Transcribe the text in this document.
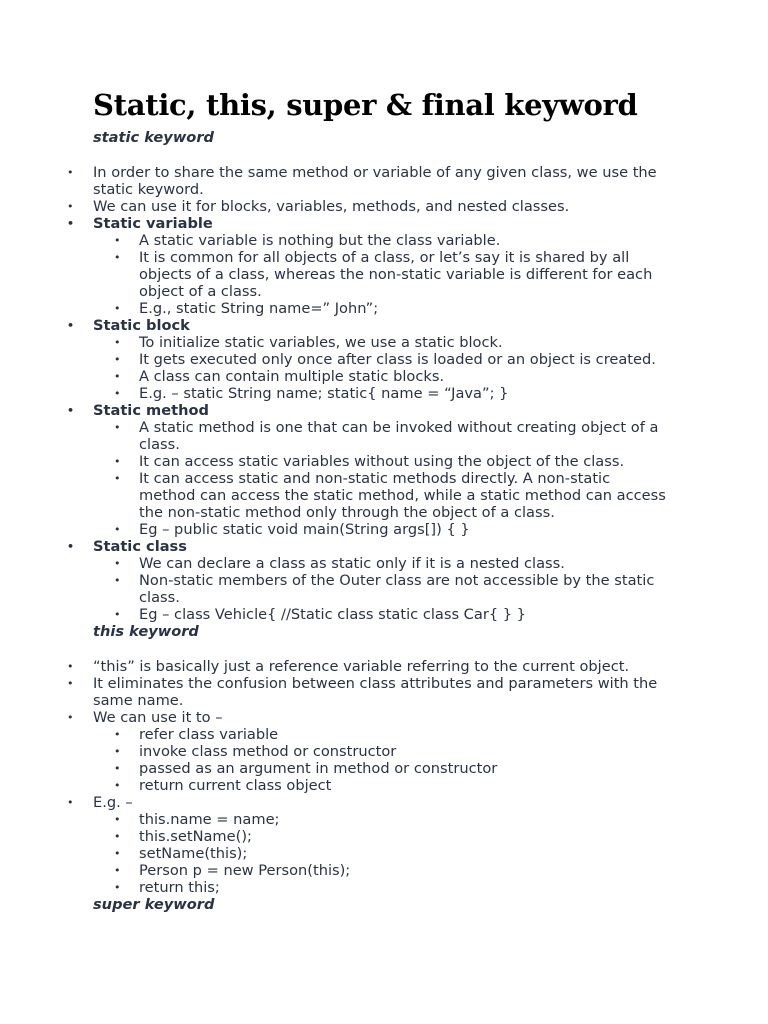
Static, this, super & final keyword

static keyword

• In order to share the same method or variable of any given class, we use the static keyword.
• We can use it for blocks, variables, methods, and nested classes.
• Static variable
• A static variable is nothing but the class variable.
• It is common for all objects of a class, or let’s say it is shared by all objects of a class, whereas the non-static variable is different for each object of a class.
• E.g., static String name=” John”;
• Static block
• To initialize static variables, we use a static block.
• It gets executed only once after class is loaded or an object is created.
• A class can contain multiple static blocks.
• E.g. – static String name; static{ name = “Java”; }
• Static method
• A static method is one that can be invoked without creating object of a class.
• It can access static variables without using the object of the class.
• It can access static and non-static methods directly. A non-static method can access the static method, while a static method can access the non-static method only through the object of a class.
• Eg – public static void main(String args[]) { }
• Static class
• We can declare a class as static only if it is a nested class.
• Non-static members of the Outer class are not accessible by the static class.
• Eg – class Vehicle{ //Static class static class Car{ } }

this keyword

• “this” is basically just a reference variable referring to the current object.
• It eliminates the confusion between class attributes and parameters with the same name.
• We can use it to –
• refer class variable
• invoke class method or constructor
• passed as an argument in method or constructor
• return current class object
• E.g. –
• this.name = name;
• this.setName();
• setName(this);
• Person p = new Person(this);
• return this;

super keyword
